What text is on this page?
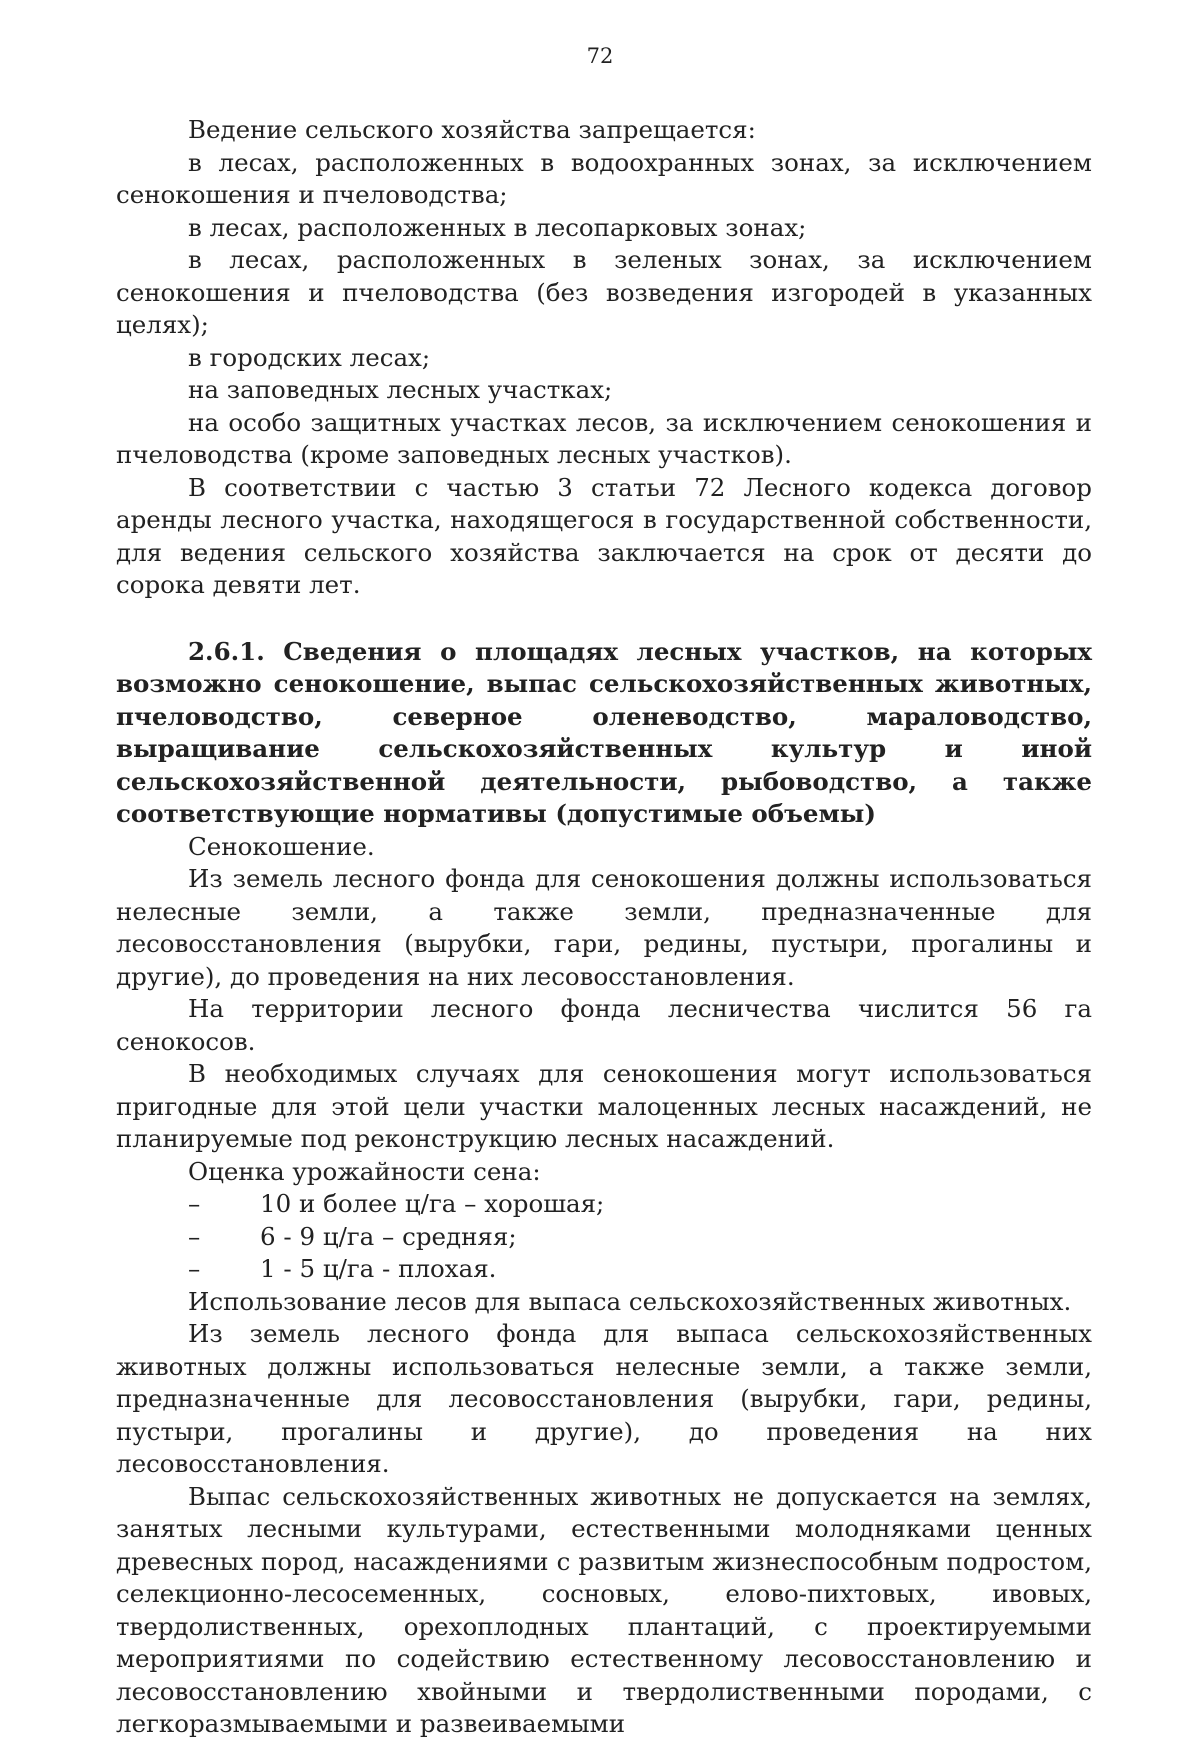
72

Ведение сельского хозяйства запрещается:

в лесах, расположенных в водоохранных зонах, за исключением сенокошения и пчеловодства;

в лесах, расположенных в лесопарковых зонах;

в лесах, расположенных в зеленых зонах, за исключением сенокошения и пчеловодства (без возведения изгородей в указанных целях);

в городских лесах;

на заповедных лесных участках;

на особо защитных участках лесов, за исключением сенокошения и пчеловодства (кроме заповедных лесных участков).

В соответствии с частью 3 статьи 72 Лесного кодекса договор аренды лесного участка, находящегося в государственной собственности, для ведения сельского хозяйства заключается на срок от десяти до сорока девяти лет.

2.6.1. Сведения о площадях лесных участков, на которых возможно сенокошение, выпас сельскохозяйственных животных, пчеловодство, северное оленеводство, мараловодство, выращивание сельскохозяйственных культур и иной сельскохозяйственной деятельности, рыбоводство, а также соответствующие нормативы (допустимые объемы)

Сенокошение.

Из земель лесного фонда для сенокошения должны использоваться нелесные земли, а также земли, предназначенные для лесовосстановления (вырубки, гари, редины, пустыри, прогалины и другие), до проведения на них лесовосстановления.

На территории лесного фонда лесничества числится 56 га сенокосов.

В необходимых случаях для сенокошения могут использоваться пригодные для этой цели участки малоценных лесных насаждений, не планируемые под реконструкцию лесных насаждений.

Оценка урожайности сена:

–	10 и более ц/га – хорошая;
–	6 - 9 ц/га – средняя;
–	1 - 5 ц/га - плохая.

Использование лесов для выпаса сельскохозяйственных животных.

Из земель лесного фонда для выпаса сельскохозяйственных животных должны использоваться нелесные земли, а также земли, предназначенные для лесовосстановления (вырубки, гари, редины, пустыри, прогалины и другие), до проведения на них лесовосстановления.

Выпас сельскохозяйственных животных не допускается на землях, занятых лесными культурами, естественными молодняками ценных древесных пород, насаждениями с развитым жизнеспособным подростом, селекционно-лесосеменных, сосновых, елово-пихтовых, ивовых, твердолиственных, орехоплодных плантаций, с проектируемыми мероприятиями по содействию естественному лесовосстановлению и лесовосстановлению хвойными и твердолиственными породами, с легкоразмываемыми и развеиваемыми
